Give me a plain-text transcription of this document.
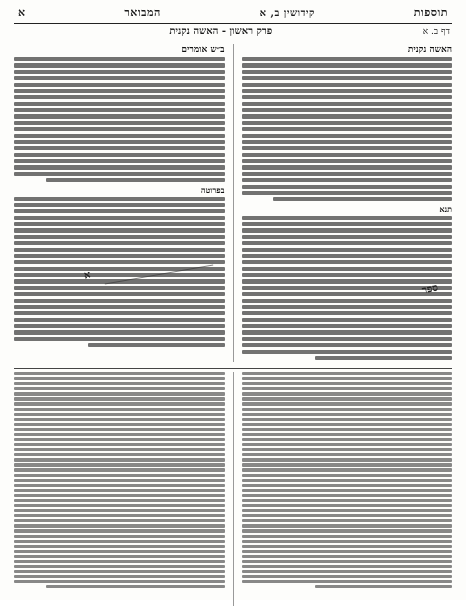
תוספות
קידושין ב, א
המבואר
א
דף ב. א
פרק ראשון - האשה נקנית
האשה נקנית
תנא
ספר
ב״ש אומרים
בפרוטה
א
